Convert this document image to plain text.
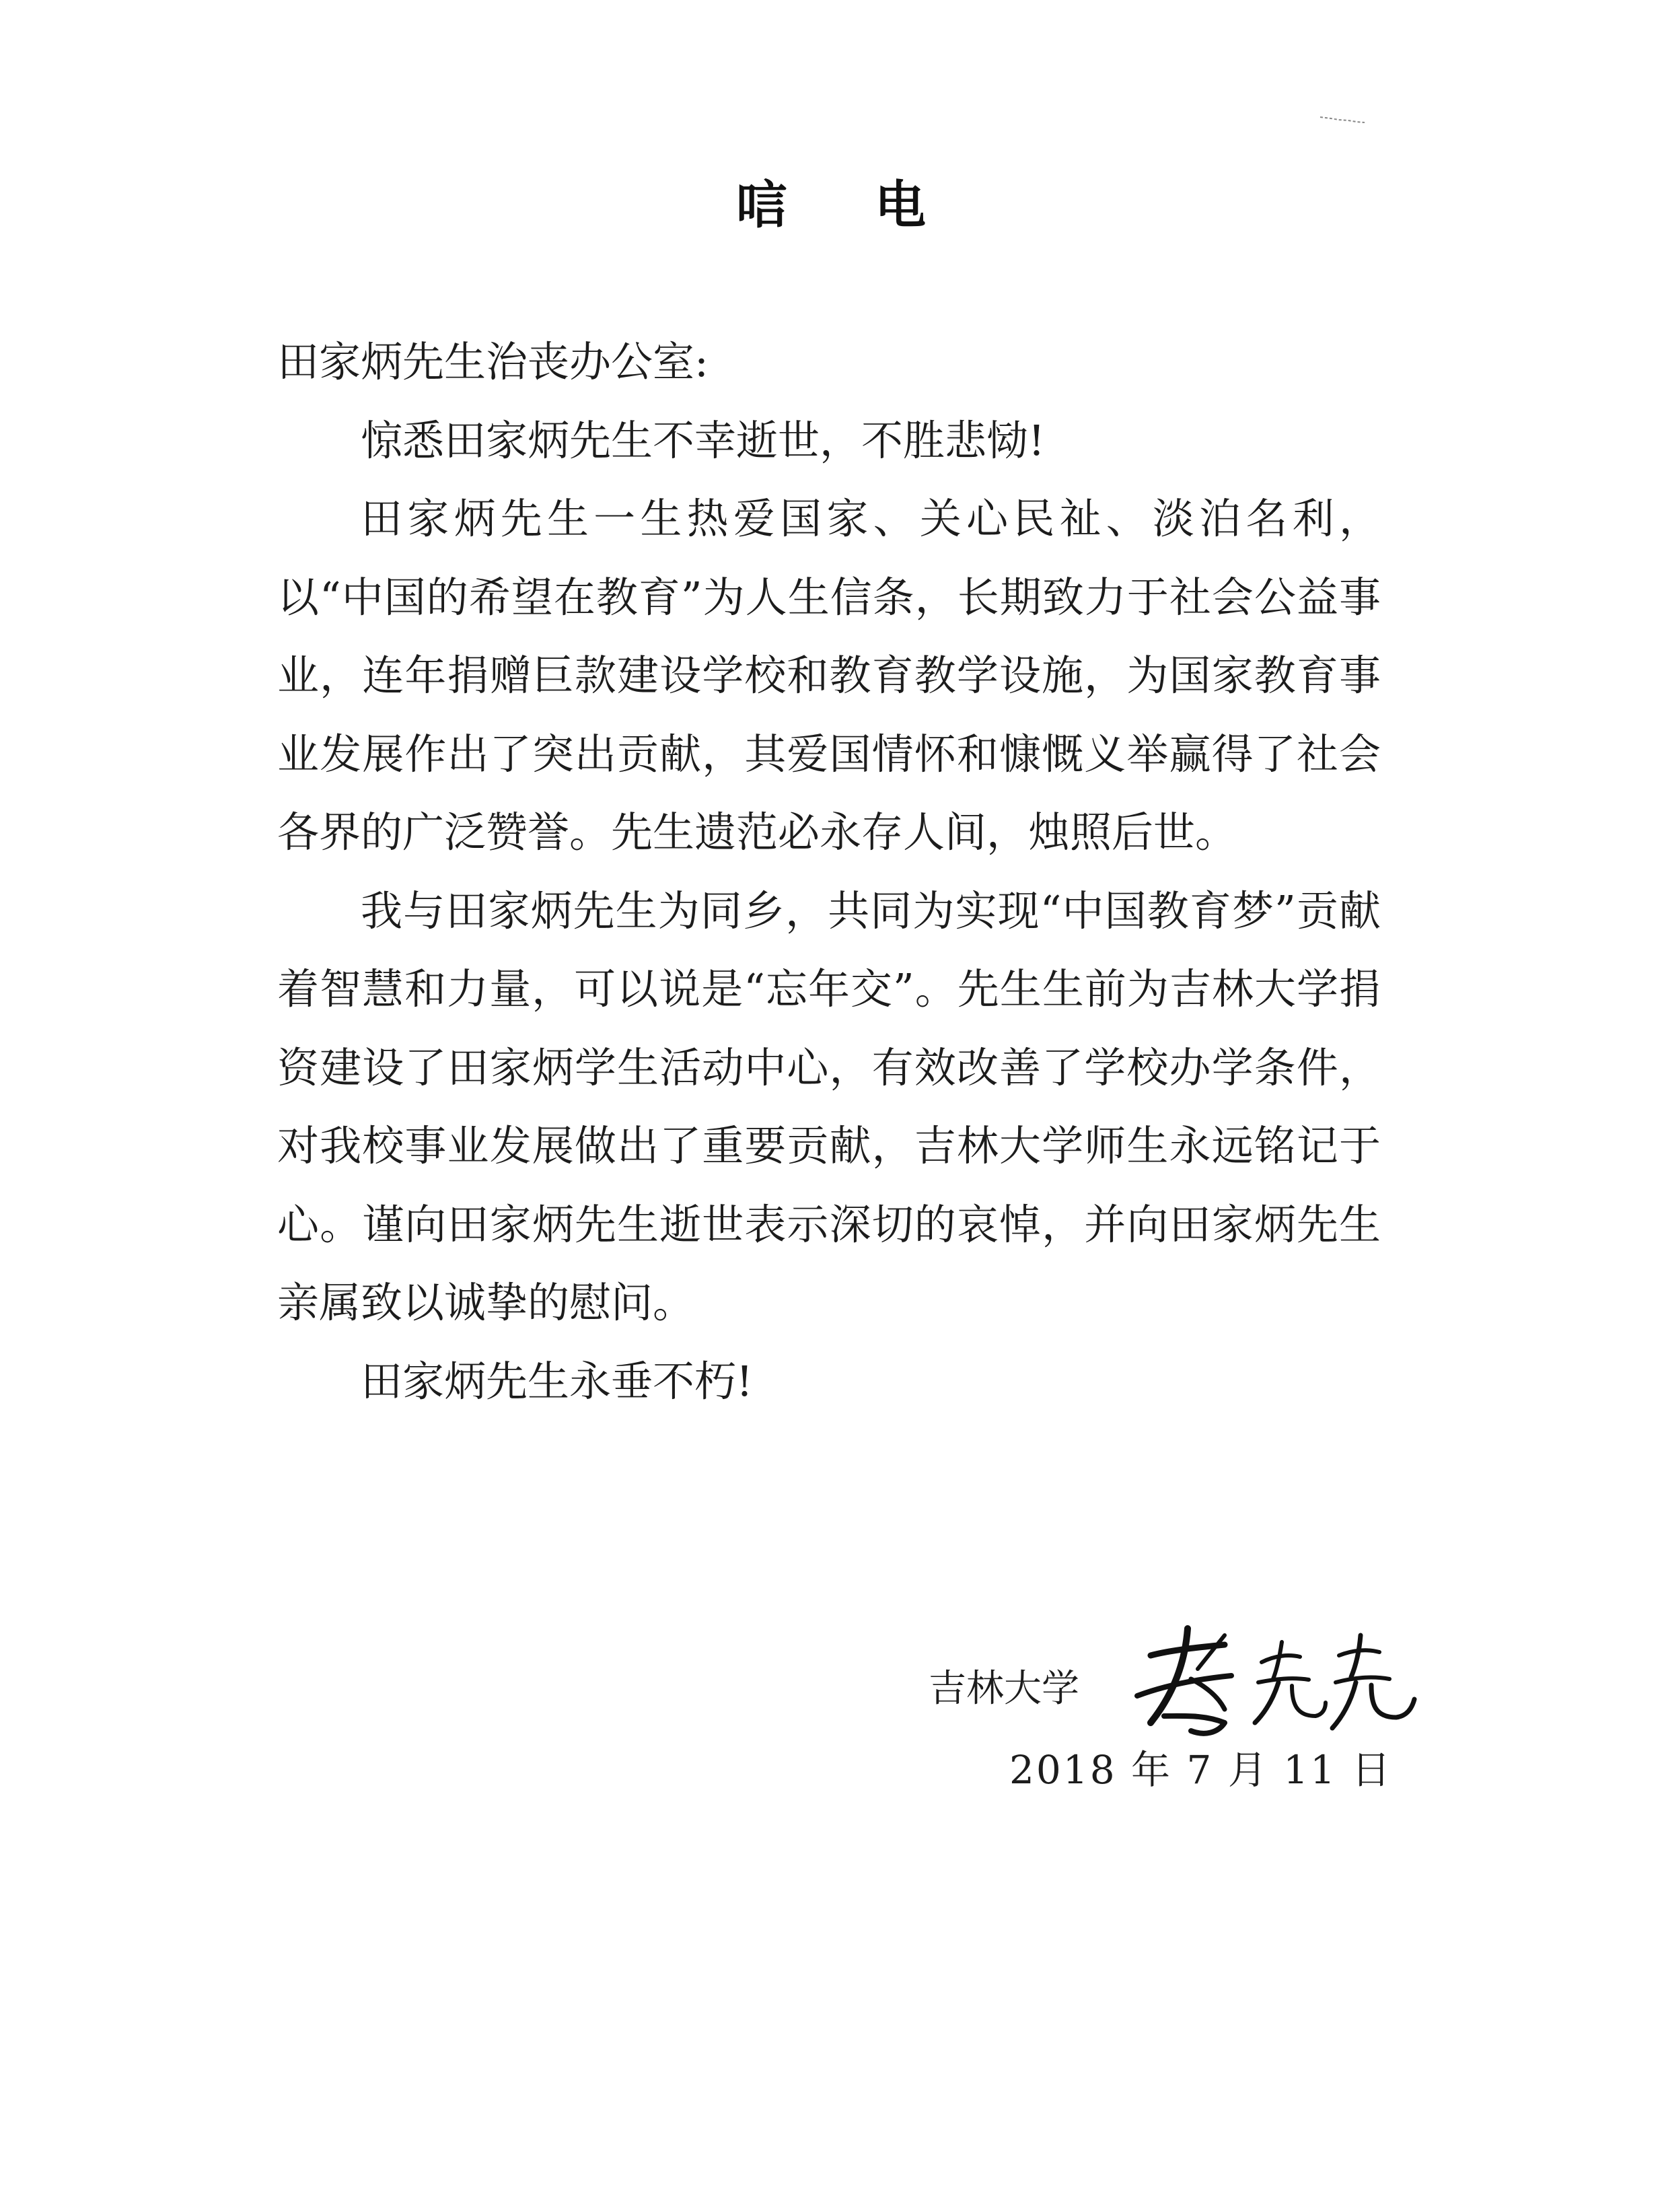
唁电

田家炳先生治丧办公室:

惊悉田家炳先生不幸逝世，不胜悲恸!

田家炳先生一生热爱国家、关心民祉、淡泊名利，以“中国的希望在教育”为人生信条，长期致力于社会公益事业，连年捐赠巨款建设学校和教育教学设施，为国家教育事业发展作出了突出贡献，其爱国情怀和慷慨义举赢得了社会各界的广泛赞誉。先生遗范必永存人间，烛照后世。

我与田家炳先生为同乡，共同为实现“中国教育梦”贡献着智慧和力量，可以说是“忘年交”。先生生前为吉林大学捐资建设了田家炳学生活动中心，有效改善了学校办学条件，对我校事业发展做出了重要贡献，吉林大学师生永远铭记于心。谨向田家炳先生逝世表示深切的哀悼，并向田家炳先生亲属致以诚挚的慰问。

田家炳先生永垂不朽!

吉林大学
2018 年 7 月 11 日
